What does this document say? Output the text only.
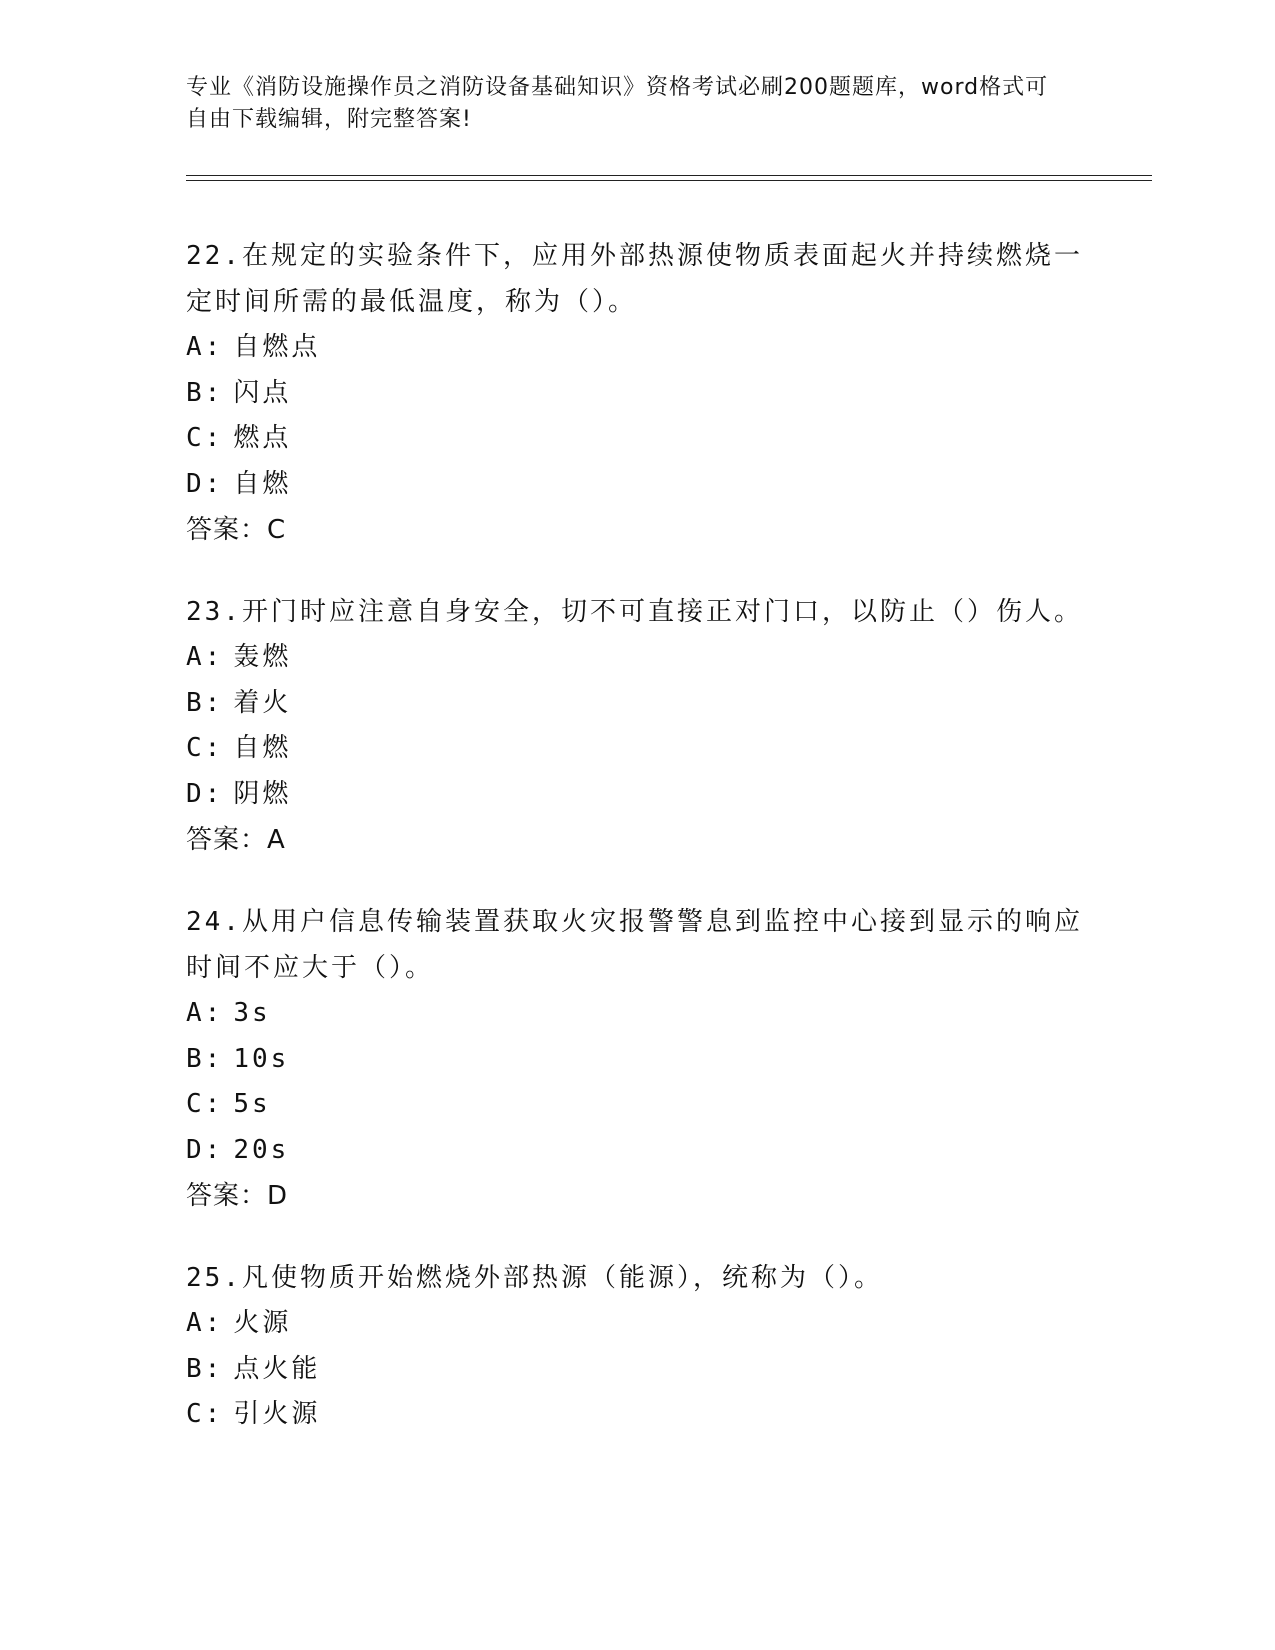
专业《消防设施操作员之消防设备基础知识》资格考试必刷200题题库，word格式可自由下载编辑，附完整答案!

22.在规定的实验条件下，应用外部热源使物质表面起火并持续燃烧一定时间所需的最低温度，称为（）。

A: 自燃点

B: 闪点

C: 燃点

D: 自燃

答案：C

23.开门时应注意自身安全，切不可直接正对门口，以防止（）伤人。

A: 轰燃

B: 着火

C: 自燃

D: 阴燃

答案：A

24.从用户信息传输装置获取火灾报警警息到监控中心接到显示的响应时间不应大于（）。

A: 3s

B: 10s

C: 5s

D: 20s

答案：D

25.凡使物质开始燃烧外部热源（能源），统称为（）。

A: 火源

B: 点火能

C: 引火源
